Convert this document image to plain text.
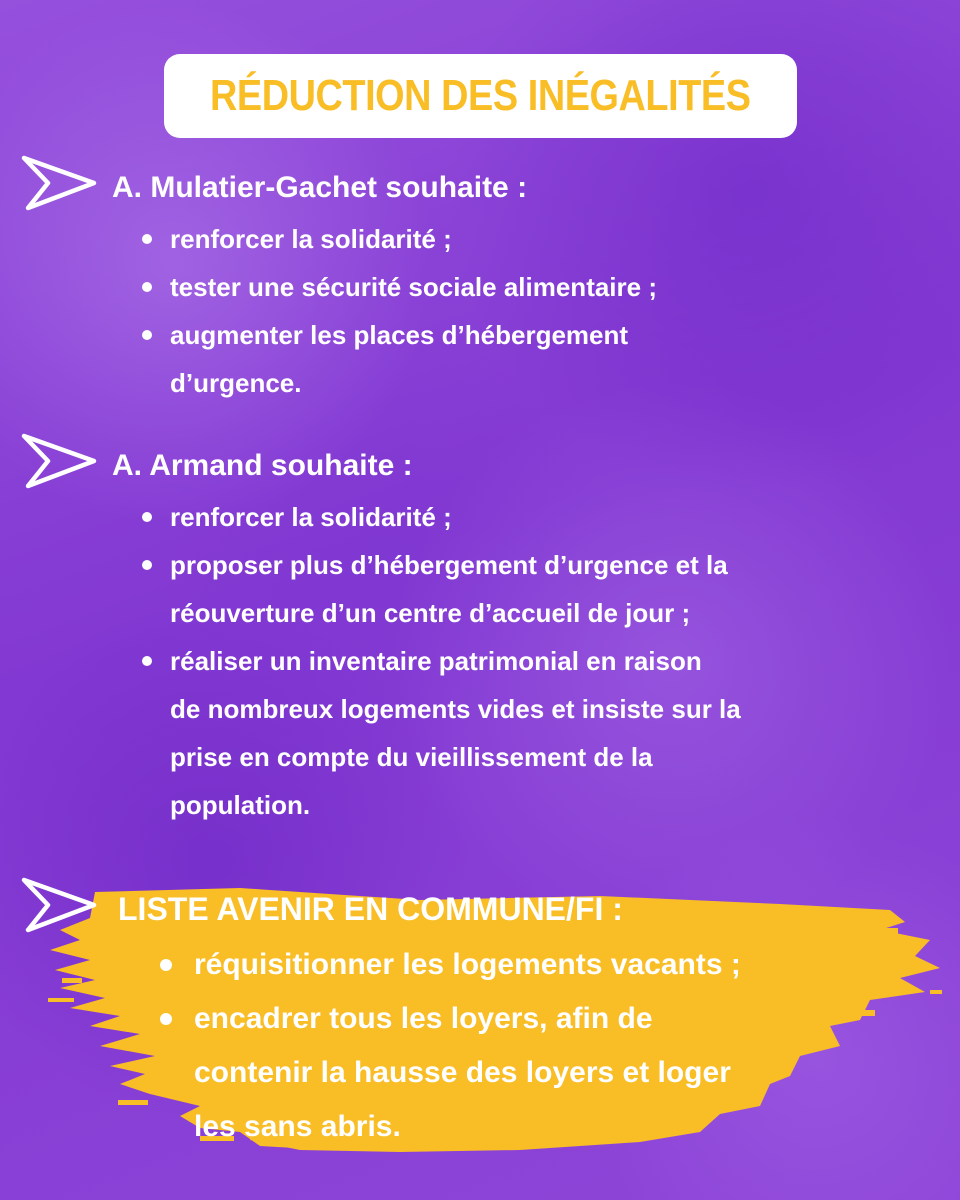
RÉDUCTION DES INÉGALITÉS
A. Mulatier-Gachet souhaite :
renforcer la solidarité ;
tester une sécurité sociale alimentaire ;
augmenter les places d’hébergement
d’urgence.
A. Armand souhaite :
renforcer la solidarité ;
proposer plus d’hébergement d’urgence et la
réouverture d’un centre d’accueil de jour ;
réaliser un inventaire patrimonial en raison
de nombreux logements vides et insiste sur la
prise en compte du vieillissement de la
population.
LISTE AVENIR EN COMMUNE/FI :
réquisitionner les logements vacants ;
encadrer tous les loyers, afin de
contenir la hausse des loyers et loger
les sans abris.
